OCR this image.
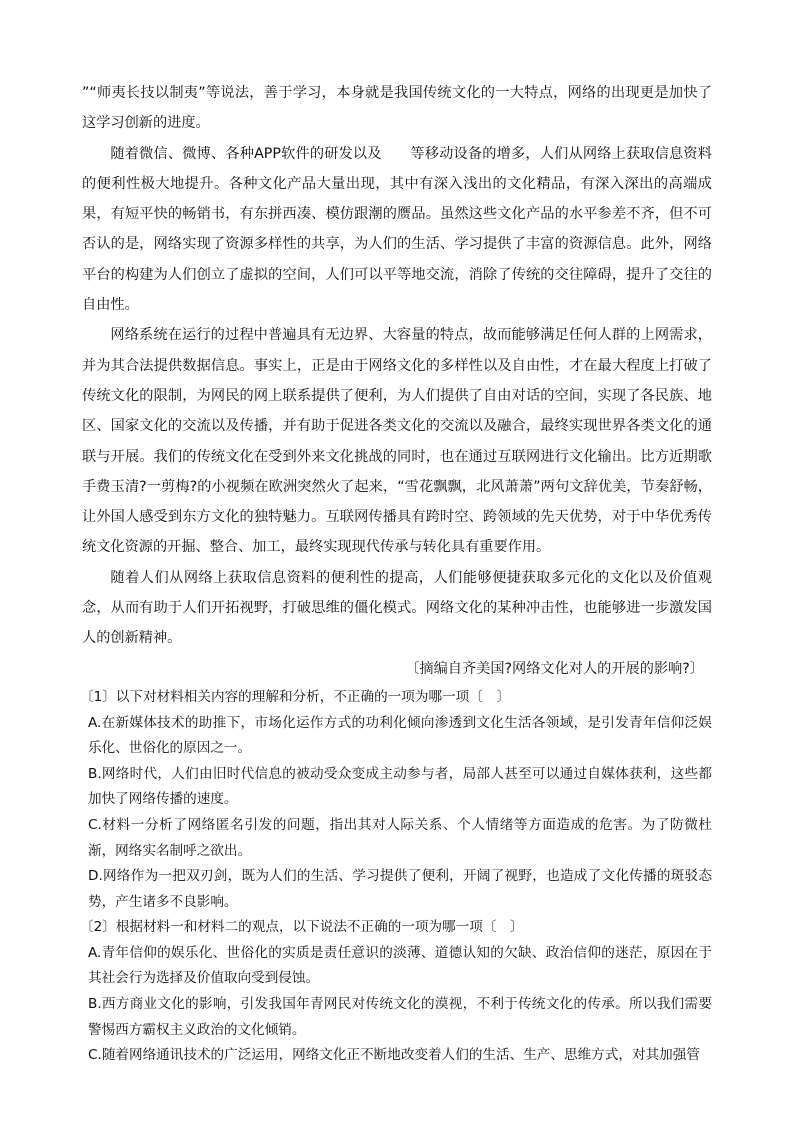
”“师夷长技以制夷”等说法，善于学习，本身就是我国传统文化的一大特点，网络的出现更是加快了这学习创新的进度。

随着微信、微博、各种APP软件的研发以及　　等移动设备的增多，人们从网络上获取信息资料的便利性极大地提升。各种文化产品大量出现，其中有深入浅出的文化精品，有深入深出的高端成果，有短平快的畅销书，有东拼西凑、模仿跟潮的赝品。虽然这些文化产品的水平参差不齐，但不可否认的是，网络实现了资源多样性的共享，为人们的生活、学习提供了丰富的资源信息。此外，网络平台的构建为人们创立了虚拟的空间，人们可以平等地交流，消除了传统的交往障碍，提升了交往的自由性。

网络系统在运行的过程中普遍具有无边界、大容量的特点，故而能够满足任何人群的上网需求，并为其合法提供数据信息。事实上，正是由于网络文化的多样性以及自由性，才在最大程度上打破了传统文化的限制，为网民的网上联系提供了便利，为人们提供了自由对话的空间，实现了各民族、地区、国家文化的交流以及传播，并有助于促进各类文化的交流以及融合，最终实现世界各类文化的通联与开展。我们的传统文化在受到外来文化挑战的同时，也在通过互联网进行文化输出。比方近期歌手费玉清?一剪梅?的小视频在欧洲突然火了起来，“雪花飘飘，北风萧萧”两句文辞优美，节奏舒畅，让外国人感受到东方文化的独特魅力。互联网传播具有跨时空、跨领域的先天优势，对于中华优秀传统文化资源的开掘、整合、加工，最终实现现代传承与转化具有重要作用。

随着人们从网络上获取信息资料的便利性的提高，人们能够便捷获取多元化的文化以及价值观念，从而有助于人们开拓视野，打破思维的僵化模式。网络文化的某种冲击性，也能够进一步激发国人的创新精神。

〔摘编自齐美国?网络文化对人的开展的影响?〕

〔1〕以下对材料相关内容的理解和分析，不正确的一项为哪一项〔　〕

A.在新媒体技术的助推下，市场化运作方式的功利化倾向渗透到文化生活各领域，是引发青年信仰泛娱乐化、世俗化的原因之一。

B.网络时代，人们由旧时代信息的被动受众变成主动参与者，局部人甚至可以通过自媒体获利，这些都加快了网络传播的速度。

C.材料一分析了网络匿名引发的问题，指出其对人际关系、个人情绪等方面造成的危害。为了防微杜渐，网络实名制呼之欲出。

D.网络作为一把双刃剑，既为人们的生活、学习提供了便利，开阔了视野，也造成了文化传播的斑驳态势，产生诸多不良影响。

〔2〕根据材料一和材料二的观点，以下说法不正确的一项为哪一项〔　〕

A.青年信仰的娱乐化、世俗化的实质是责任意识的淡薄、道德认知的欠缺、政治信仰的迷茫，原因在于其社会行为选择及价值取向受到侵蚀。

B.西方商业文化的影响，引发我国年青网民对传统文化的漠视，不利于传统文化的传承。所以我们需要警惕西方霸权主义政治的文化倾销。

C.随着网络通讯技术的广泛运用，网络文化正不断地改变着人们的生活、生产、思维方式，对其加强管
